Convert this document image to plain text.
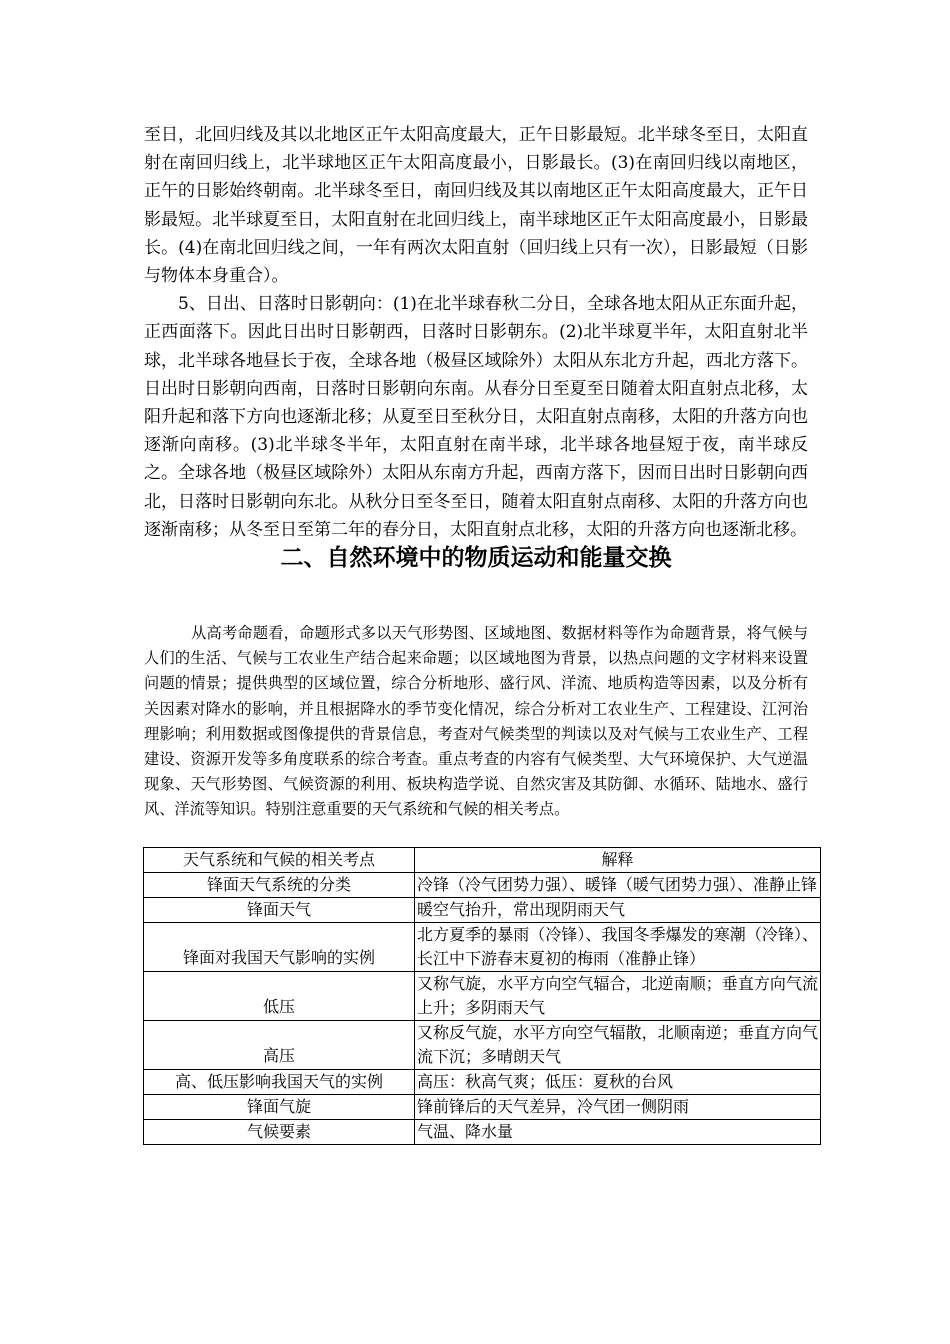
至日，北回归线及其以北地区正午太阳高度最大，正午日影最短。北半球冬至日，太阳直射在南回归线上，北半球地区正午太阳高度最小，日影最长。(3)在南回归线以南地区，正午的日影始终朝南。北半球冬至日，南回归线及其以南地区正午太阳高度最大，正午日影最短。北半球夏至日，太阳直射在北回归线上，南半球地区正午太阳高度最小，日影最长。(4)在南北回归线之间，一年有两次太阳直射（回归线上只有一次），日影最短（日影与物体本身重合）。

5、日出、日落时日影朝向：(1)在北半球春秋二分日，全球各地太阳从正东面升起，正西面落下。因此日出时日影朝西，日落时日影朝东。(2)北半球夏半年，太阳直射北半球，北半球各地昼长于夜，全球各地（极昼区域除外）太阳从东北方升起，西北方落下。日出时日影朝向西南，日落时日影朝向东南。从春分日至夏至日随着太阳直射点北移，太阳升起和落下方向也逐渐北移；从夏至日至秋分日，太阳直射点南移，太阳的升落方向也逐渐向南移。(3)北半球冬半年，太阳直射在南半球，北半球各地昼短于夜，南半球反之。全球各地（极昼区域除外）太阳从东南方升起，西南方落下，因而日出时日影朝向西北，日落时日影朝向东北。从秋分日至冬至日，随着太阳直射点南移、太阳的升落方向也逐渐南移；从冬至日至第二年的春分日，太阳直射点北移，太阳的升落方向也逐渐北移。

二、自然环境中的物质运动和能量交换

从高考命题看，命题形式多以天气形势图、区域地图、数据材料等作为命题背景，将气候与人们的生活、气候与工农业生产结合起来命题；以区域地图为背景，以热点问题的文字材料来设置问题的情景；提供典型的区域位置，综合分析地形、盛行风、洋流、地质构造等因素，以及分析有关因素对降水的影响，并且根据降水的季节变化情况，综合分析对工农业生产、工程建设、江河治理影响；利用数据或图像提供的背景信息，考查对气候类型的判读以及对气候与工农业生产、工程建设、资源开发等多角度联系的综合考查。重点考查的内容有气候类型、大气环境保护、大气逆温现象、天气形势图、气候资源的利用、板块构造学说、自然灾害及其防御、水循环、陆地水、盛行风、洋流等知识。特别注意重要的天气系统和气候的相关考点。

天气系统和气候的相关考点	解释
锋面天气系统的分类	冷锋（冷气团势力强）、暖锋（暖气团势力强）、准静止锋
锋面天气	暖空气抬升，常出现阴雨天气

锋面对我国天气影响的实例	北方夏季的暴雨（冷锋）、我国冬季爆发的寒潮（冷锋）、长江中下游春末夏初的梅雨（准静止锋）

低压	又称气旋，水平方向空气辐合，北逆南顺；垂直方向气流上升；多阴雨天气

高压	又称反气旋，水平方向空气辐散，北顺南逆；垂直方向气流下沉；多晴朗天气
高、低压影响我国天气的实例	高压：秋高气爽；低压：夏秋的台风
锋面气旋	锋前锋后的天气差异，冷气团一侧阴雨
气候要素	气温、降水量
